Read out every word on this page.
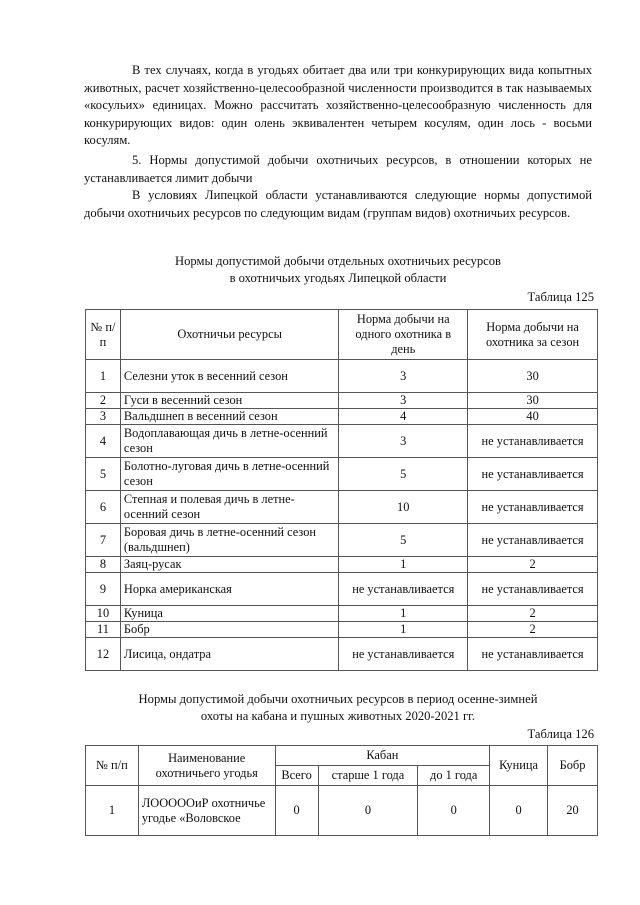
В тех случаях, когда в угодьях обитает два или три конкурирующих вида копытных животных, расчет хозяйственно-целесообразной численности производится в так называемых «косульих» единицах. Можно рассчитать хозяйственно-целесообразную численность для конкурирующих видов: один олень эквивалентен четырем косулям, один лось - восьми косулям.
5. Нормы допустимой добычи охотничьих ресурсов, в отношении которых не устанавливается лимит добычи
В условиях Липецкой области устанавливаются следующие нормы допустимой добычи охотничьих ресурсов по следующим видам (группам видов) охотничьих ресурсов.
Нормы допустимой добычи отдельных охотничьих ресурсов
в охотничьих угодьях Липецкой области
Таблица 125
№ п/п	Охотничьи ресурсы	Норма добычи на одного охотника в день	Норма добычи на охотника за сезон
1	Селезни уток в весенний сезон	3	30
2	Гуси в весенний сезон	3	30
3	Вальдшнеп в весенний сезон	4	40
4	Водоплавающая дичь в летне-осенний сезон	3	не устанавливается
5	Болотно-луговая дичь в летне-осенний сезон	5	не устанавливается
6	Степная и полевая дичь в летне-осенний сезон	10	не устанавливается
7	Боровая дичь в летне-осенний сезон (вальдшнеп)	5	не устанавливается
8	Заяц-русак	1	2
9	Норка американская	не устанавливается	не устанавливается
10	Куница	1	2
11	Бобр	1	2
12	Лисица, ондатра	не устанавливается	не устанавливается
Нормы допустимой добычи охотничьих ресурсов в период осенне-зимней
охоты на кабана и пушных животных 2020-2021 гг.
Таблица 126
№ п/п	Наименование охотничьего угодья	Кабан			Куница	Бобр
		Всего	старше 1 года	до 1 года		
1	ЛОООООиР охотничье угодье «Воловское	0	0	0	0	20
